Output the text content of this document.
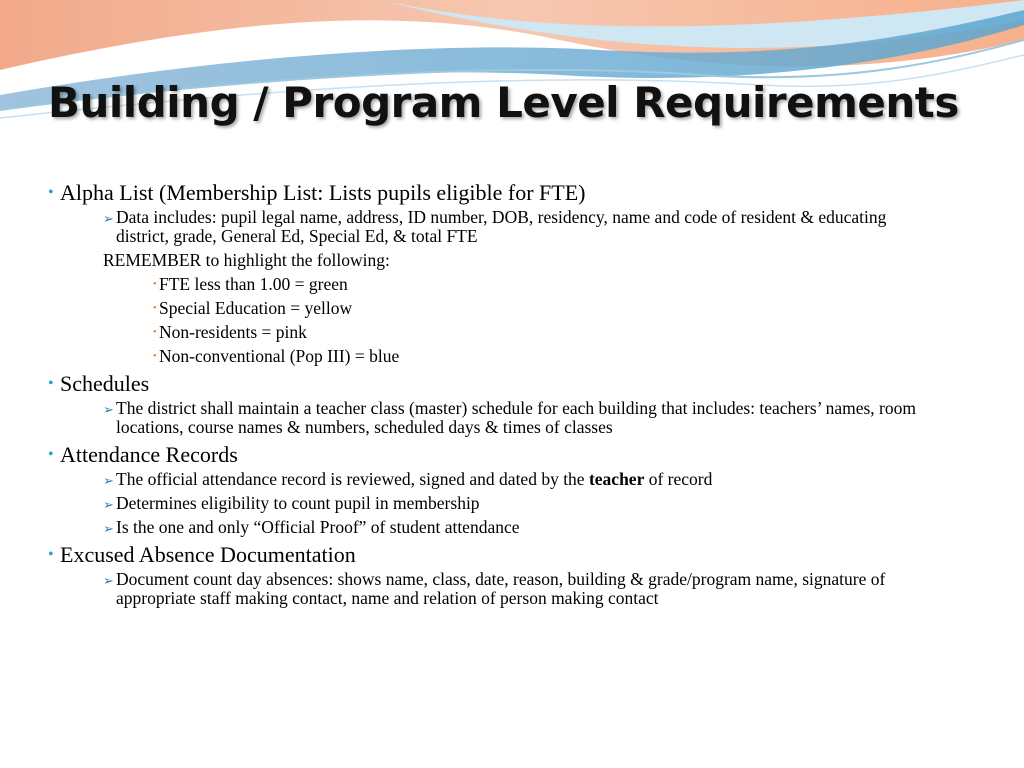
Building / Program Level Requirements
• Alpha List (Membership List: Lists pupils eligible for FTE)
➢ Data includes: pupil legal name, address, ID number, DOB, residency, name and code of resident & educating district, grade, General Ed, Special Ed, & total FTE
REMEMBER to highlight the following:
• FTE less than 1.00 = green
• Special Education = yellow
• Non-residents = pink
• Non-conventional (Pop III) = blue
• Schedules
➢ The district shall maintain a teacher class (master) schedule for each building that includes: teachers’ names, room locations, course names & numbers, scheduled days & times of classes
• Attendance Records
➢ The official attendance record is reviewed, signed and dated by the teacher of record
➢ Determines eligibility to count pupil in membership
➢ Is the one and only “Official Proof” of student attendance
• Excused Absence Documentation
➢ Document count day absences: shows name, class, date, reason, building & grade/program name, signature of appropriate staff making contact, name and relation of person making contact
